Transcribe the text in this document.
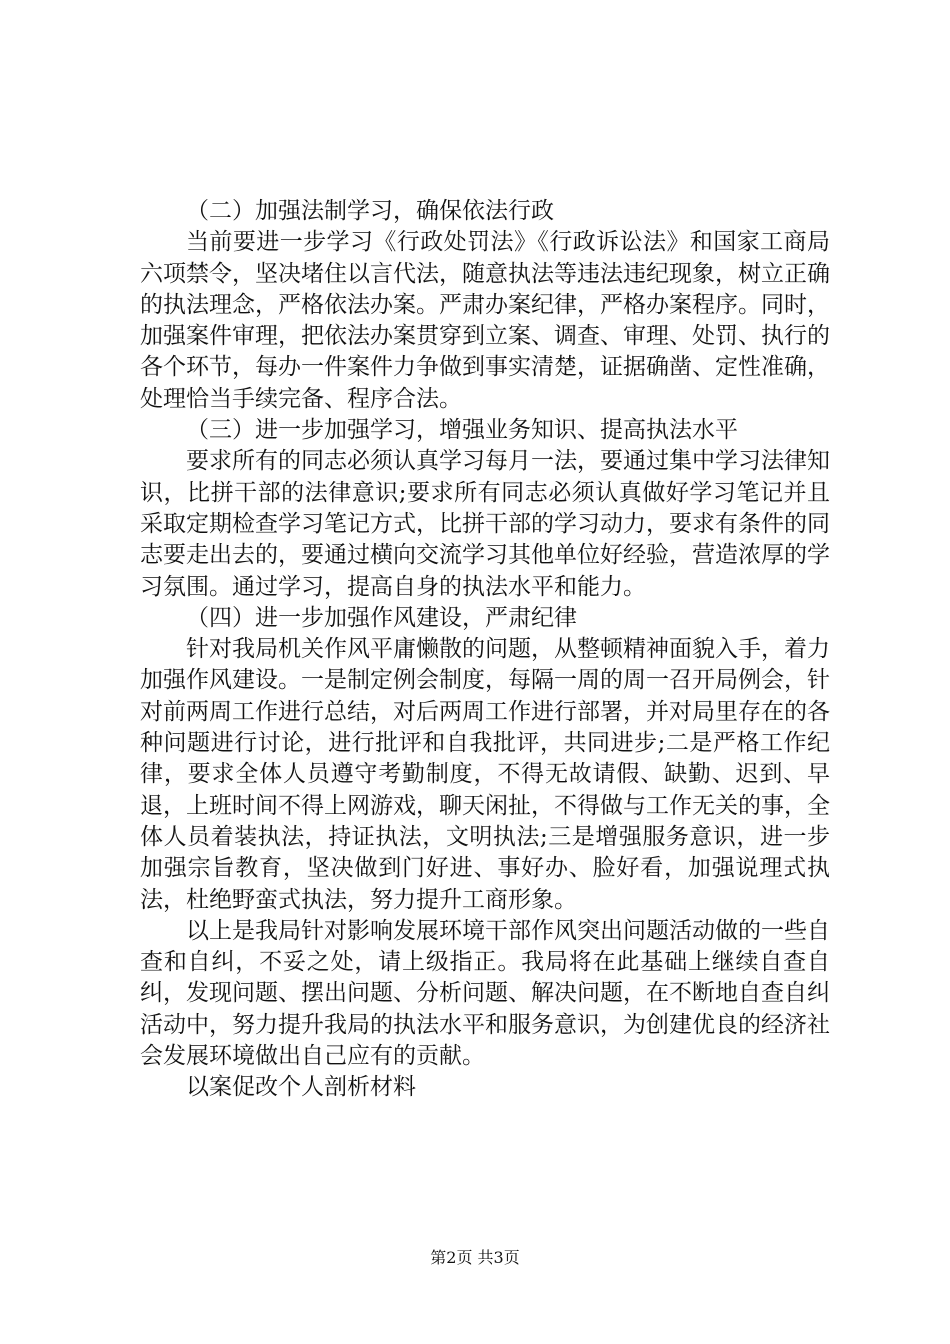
（二）加强法制学习，确保依法行政

当前要进一步学习《行政处罚法》《行政诉讼法》和国家工商局六项禁令，坚决堵住以言代法，随意执法等违法违纪现象，树立正确的执法理念，严格依法办案。严肃办案纪律，严格办案程序。同时，加强案件审理，把依法办案贯穿到立案、调查、审理、处罚、执行的各个环节，每办一件案件力争做到事实清楚，证据确凿、定性准确，处理恰当手续完备、程序合法。

（三）进一步加强学习，增强业务知识、提高执法水平

要求所有的同志必须认真学习每月一法，要通过集中学习法律知识，比拼干部的法律意识;要求所有同志必须认真做好学习笔记并且采取定期检查学习笔记方式，比拼干部的学习动力，要求有条件的同志要走出去的，要通过横向交流学习其他单位好经验，营造浓厚的学习氛围。通过学习，提高自身的执法水平和能力。

（四）进一步加强作风建设，严肃纪律

针对我局机关作风平庸懒散的问题，从整顿精神面貌入手，着力加强作风建设。一是制定例会制度，每隔一周的周一召开局例会，针对前两周工作进行总结，对后两周工作进行部署，并对局里存在的各种问题进行讨论，进行批评和自我批评，共同进步;二是严格工作纪律，要求全体人员遵守考勤制度，不得无故请假、缺勤、迟到、早退，上班时间不得上网游戏，聊天闲扯，不得做与工作无关的事，全体人员着装执法，持证执法，文明执法;三是增强服务意识，进一步加强宗旨教育，坚决做到门好进、事好办、脸好看，加强说理式执法，杜绝野蛮式执法，努力提升工商形象。

以上是我局针对影响发展环境干部作风突出问题活动做的一些自查和自纠，不妥之处，请上级指正。我局将在此基础上继续自查自纠，发现问题、摆出问题、分析问题、解决问题，在不断地自查自纠活动中，努力提升我局的执法水平和服务意识，为创建优良的经济社会发展环境做出自己应有的贡献。

以案促改个人剖析材料

第2页 共3页
